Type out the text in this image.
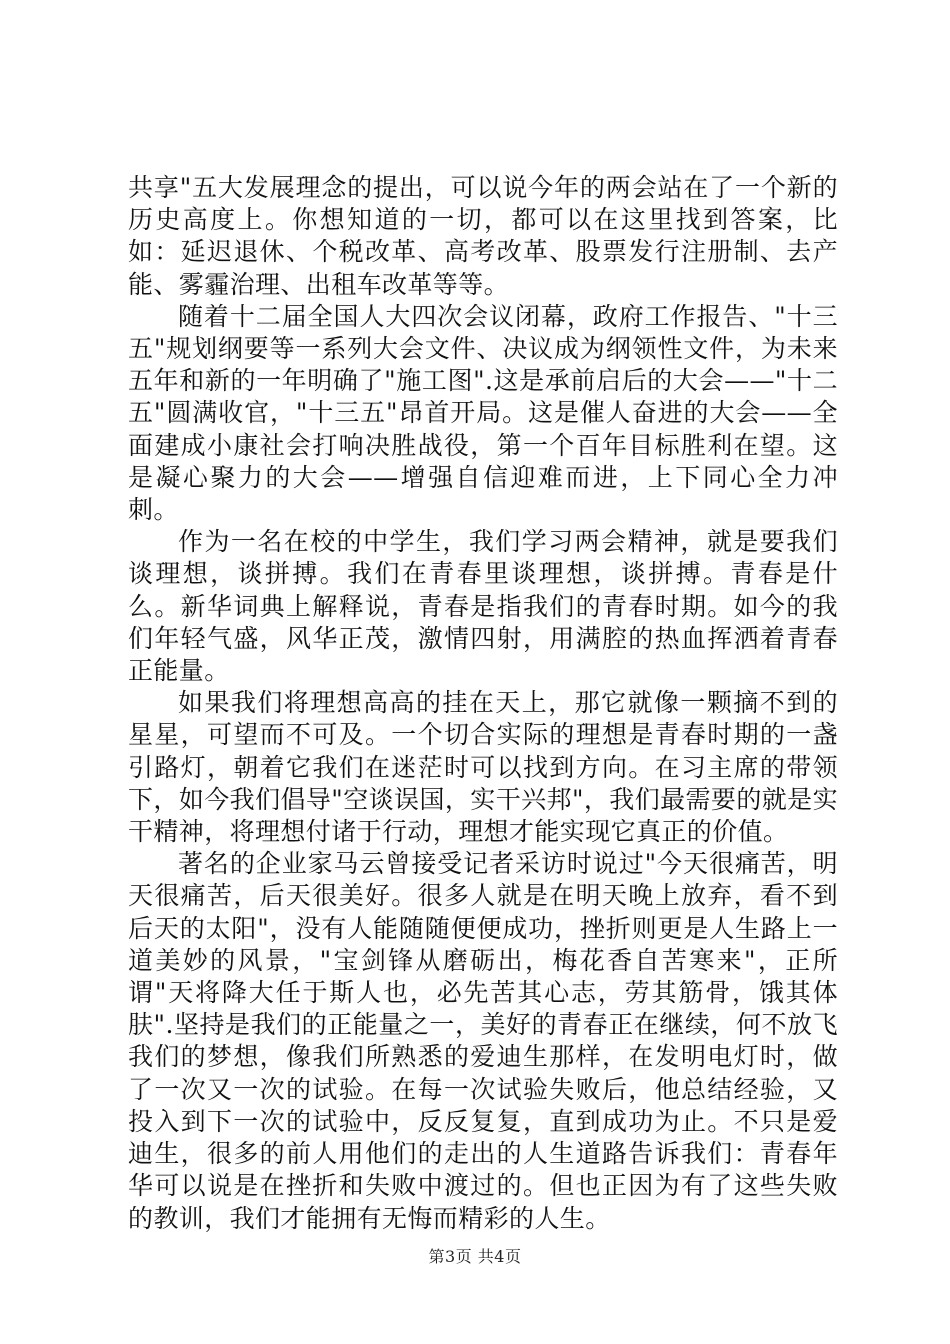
共享"五大发展理念的提出，可以说今年的两会站在了一个新的历史高度上。你想知道的一切，都可以在这里找到答案，比如：延迟退休、个税改革、高考改革、股票发行注册制、去产能、雾霾治理、出租车改革等等。

随着十二届全国人大四次会议闭幕，政府工作报告、"十三五"规划纲要等一系列大会文件、决议成为纲领性文件，为未来五年和新的一年明确了"施工图".这是承前启后的大会——"十二五"圆满收官，"十三五"昂首开局。这是催人奋进的大会——全面建成小康社会打响决胜战役，第一个百年目标胜利在望。这是凝心聚力的大会——增强自信迎难而进，上下同心全力冲刺。

作为一名在校的中学生，我们学习两会精神，就是要我们谈理想，谈拼搏。我们在青春里谈理想，谈拼搏。青春是什么。新华词典上解释说，青春是指我们的青春时期。如今的我们年轻气盛，风华正茂，激情四射，用满腔的热血挥洒着青春正能量。

如果我们将理想高高的挂在天上，那它就像一颗摘不到的星星，可望而不可及。一个切合实际的理想是青春时期的一盏引路灯，朝着它我们在迷茫时可以找到方向。在习主席的带领下，如今我们倡导"空谈误国，实干兴邦"，我们最需要的就是实干精神，将理想付诸于行动，理想才能实现它真正的价值。

著名的企业家马云曾接受记者采访时说过"今天很痛苦，明天很痛苦，后天很美好。很多人就是在明天晚上放弃，看不到后天的太阳"，没有人能随随便便成功，挫折则更是人生路上一道美妙的风景，"宝剑锋从磨砺出，梅花香自苦寒来"，正所谓"天将降大任于斯人也，必先苦其心志，劳其筋骨，饿其体肤".坚持是我们的正能量之一，美好的青春正在继续，何不放飞我们的梦想，像我们所熟悉的爱迪生那样，在发明电灯时，做了一次又一次的试验。在每一次试验失败后，他总结经验，又投入到下一次的试验中，反反复复，直到成功为止。不只是爱迪生，很多的前人用他们的走出的人生道路告诉我们：青春年华可以说是在挫折和失败中渡过的。但也正因为有了这些失败的教训，我们才能拥有无悔而精彩的人生。

第3页 共4页
